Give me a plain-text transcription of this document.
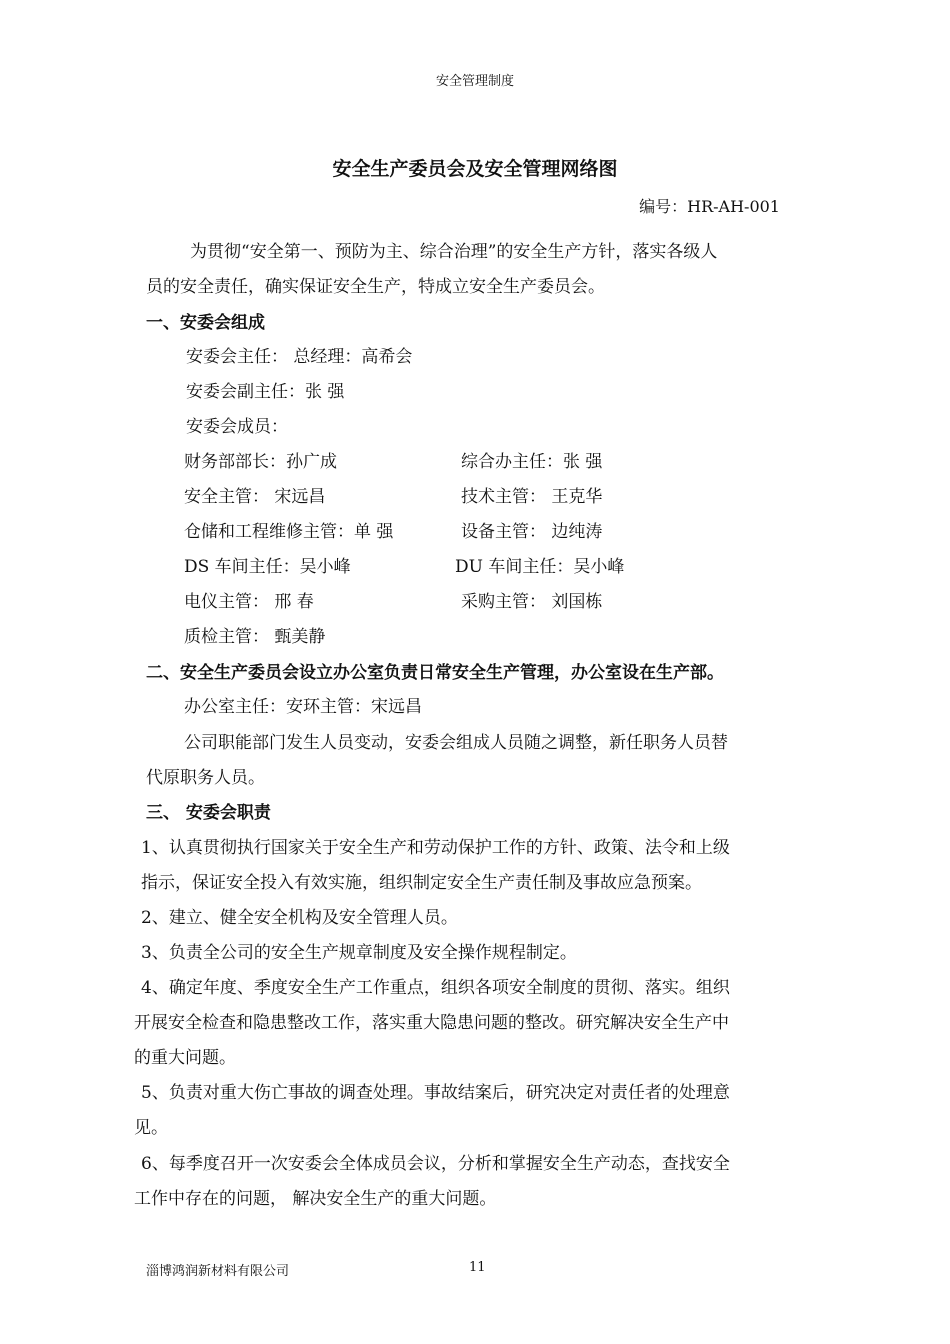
安全管理制度
安全生产委员会及安全管理网络图
编号：HR-AH-001
为贯彻“安全第一、预防为主、综合治理”的安全生产方针，落实各级人
员的安全责任，确实保证安全生产，特成立安全生产委员会。
一、安委会组成
安委会主任： 总经理：高希会
安委会副主任：张 强
安委会成员：
财务部部长：孙广成	综合办主任：张 强
安全主管： 宋远昌	技术主管： 王克华
仓储和工程维修主管：单 强	设备主管： 边纯涛
DS 车间主任：吴小峰	DU 车间主任：吴小峰
电仪主管： 邢 春	采购主管： 刘国栋
质检主管： 甄美静
二、安全生产委员会设立办公室负责日常安全生产管理，办公室设在生产部。
办公室主任：安环主管：宋远昌
公司职能部门发生人员变动，安委会组成人员随之调整，新任职务人员替
代原职务人员。
三、 安委会职责
1、认真贯彻执行国家关于安全生产和劳动保护工作的方针、政策、法令和上级
指示，保证安全投入有效实施，组织制定安全生产责任制及事故应急预案。
2、建立、健全安全机构及安全管理人员。
3、负责全公司的安全生产规章制度及安全操作规程制定。
4、确定年度、季度安全生产工作重点，组织各项安全制度的贯彻、落实。组织
开展安全检查和隐患整改工作，落实重大隐患问题的整改。研究解决安全生产中
的重大问题。
5、负责对重大伤亡事故的调查处理。事故结案后，研究决定对责任者的处理意
见。
6、每季度召开一次安委会全体成员会议，分析和掌握安全生产动态，查找安全
工作中存在的问题， 解决安全生产的重大问题。
淄博鸿润新材料有限公司	11
